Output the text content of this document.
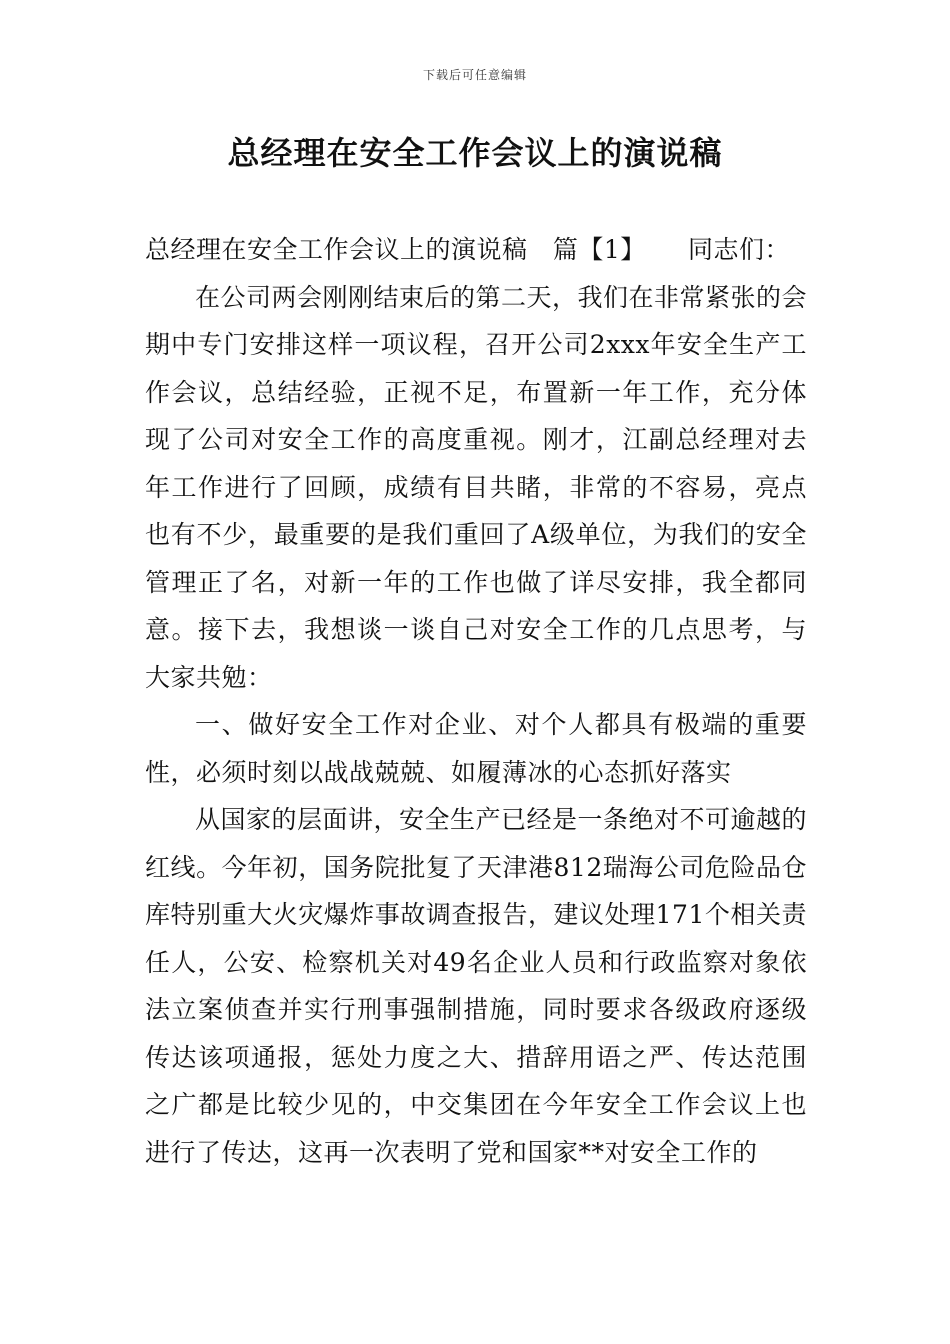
下载后可任意编辑
总经理在安全工作会议上的演说稿

总经理在安全工作会议上的演说稿 篇【1】 同志们：

在公司两会刚刚结束后的第二天，我们在非常紧张的会期中专门安排这样一项议程，召开公司2xxx年安全生产工作会议，总结经验，正视不足，布置新一年工作，充分体现了公司对安全工作的高度重视。刚才，江副总经理对去年工作进行了回顾，成绩有目共睹，非常的不容易，亮点也有不少，最重要的是我们重回了A级单位，为我们的安全管理正了名，对新一年的工作也做了详尽安排，我全都同意。接下去，我想谈一谈自己对安全工作的几点思考，与大家共勉：

一、做好安全工作对企业、对个人都具有极端的重要性，必须时刻以战战兢兢、如履薄冰的心态抓好落实

从国家的层面讲，安全生产已经是一条绝对不可逾越的红线。今年初，国务院批复了天津港812瑞海公司危险品仓库特别重大火灾爆炸事故调查报告，建议处理171个相关责任人，公安、检察机关对49名企业人员和行政监察对象依法立案侦查并实行刑事强制措施，同时要求各级政府逐级传达该项通报，惩处力度之大、措辞用语之严、传达范围之广都是比较少见的，中交集团在今年安全工作会议上也进行了传达，这再一次表明了党和国家**对安全工作的
